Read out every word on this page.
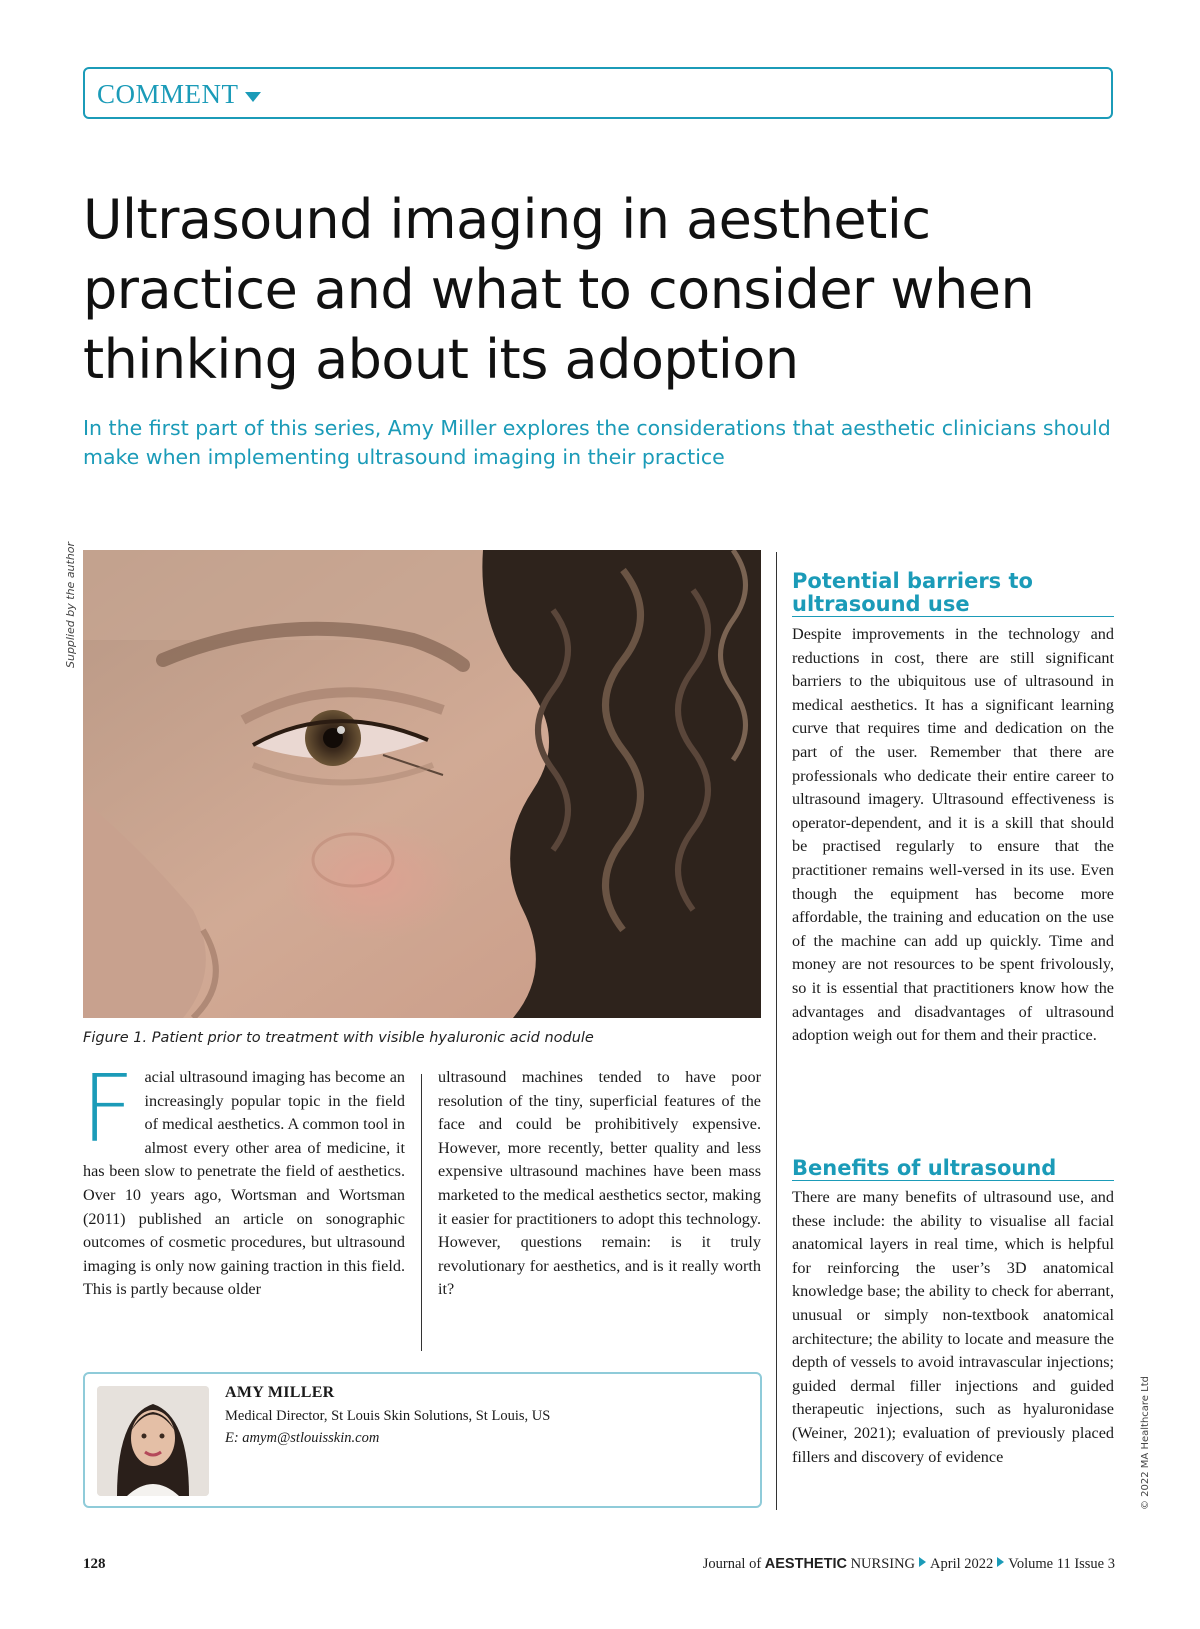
COMMENT
Ultrasound imaging in aesthetic practice and what to consider when thinking about its adoption

In the first part of this series, Amy Miller explores the considerations that aesthetic clinicians should make when implementing ultrasound imaging in their practice

Supplied by the author
Figure 1. Patient prior to treatment with visible hyaluronic acid nodule
Facial ultrasound imaging has become an increasingly popular topic in the field of medical aesthetics. A common tool in almost every other area of medicine, it has been slow to penetrate the field of aesthetics. Over 10 years ago, Wortsman and Wortsman (2011) published an article on sonographic outcomes of cosmetic procedures, but ultrasound imaging is only now gaining traction in this field. This is partly because older

ultrasound machines tended to have poor resolution of the tiny, superficial features of the face and could be prohibitively expensive. However, more recently, better quality and less expensive ultrasound machines have been mass marketed to the medical aesthetics sector, making it easier for practitioners to adopt this technology. However, questions remain: is it truly revolutionary for aesthetics, and is it really worth it?

Potential barriers to ultrasound use

Despite improvements in the technology and reductions in cost, there are still significant barriers to the ubiquitous use of ultrasound in medical aesthetics. It has a significant learning curve that requires time and dedication on the part of the user. Remember that there are professionals who dedicate their entire career to ultrasound imagery. Ultrasound effectiveness is operator-dependent, and it is a skill that should be practised regularly to ensure that the practitioner remains well-versed in its use. Even though the equipment has become more affordable, the training and education on the use of the machine can add up quickly. Time and money are not resources to be spent frivolously, so it is essential that practitioners know how the advantages and disadvantages of ultrasound adoption weigh out for them and their practice.

Benefits of ultrasound

There are many benefits of ultrasound use, and these include: the ability to visualise all facial anatomical layers in real time, which is helpful for reinforcing the user’s 3D anatomical knowledge base; the ability to check for aberrant, unusual or simply non-textbook anatomical architecture; the ability to locate and measure the depth of vessels to avoid intravascular injections; guided dermal filler injections and guided therapeutic injections, such as hyaluronidase (Weiner, 2021); evaluation of previously placed fillers and discovery of evidence

AMY MILLER
Medical Director, St Louis Skin Solutions, St Louis, US
E: amym@stlouisskin.com	© 2022 MA Healthcare Ltd
128	Journal of AESTHETIC NURSING April 2022 Volume 11 Issue 3
